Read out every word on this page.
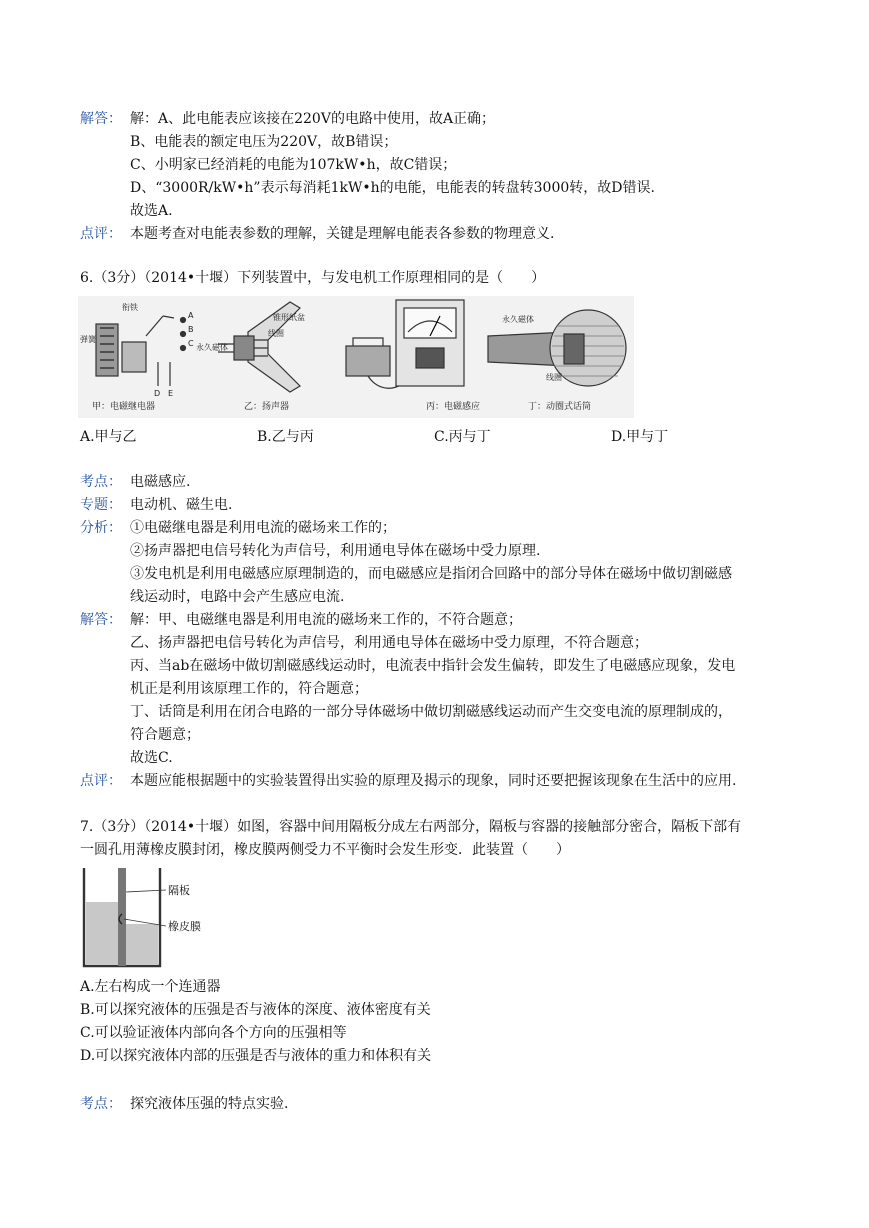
解答： 解：A、此电能表应该接在220V的电路中使用，故A正确；
B、电能表的额定电压为220V，故B错误；
C、小明家已经消耗的电能为107kW•h，故C错误；
D、“3000R/kW•h”表示每消耗1kW•h的电能，电能表的转盘转3000转，故D错误.
故选A.
点评： 本题考查对电能表参数的理解，关键是理解电能表各参数的物理意义.
6.（3分）（2014•十堰）下列装置中，与发电机工作原理相同的是（　　）
衔铁
弹簧
A
B
C
D E
甲：电磁继电器
锥形纸盆
永久磁体
线圈
乙：扬声器	丙：电磁感应
永久磁体
线圈
丁：动圈式话筒
A.甲与乙	B.乙与丙	C.丙与丁	D.甲与丁
考点： 电磁感应.
专题： 电动机、磁生电.
分析： ①电磁继电器是利用电流的磁场来工作的；
②扬声器把电信号转化为声信号，利用通电导体在磁场中受力原理.
③发电机是利用电磁感应原理制造的，而电磁感应是指闭合回路中的部分导体在磁场中做切割磁感
线运动时，电路中会产生感应电流.
解答： 解：甲、电磁继电器是利用电流的磁场来工作的，不符合题意；
乙、扬声器把电信号转化为声信号，利用通电导体在磁场中受力原理，不符合题意；
丙、当ab在磁场中做切割磁感线运动时，电流表中指针会发生偏转，即发生了电磁感应现象，发电
机正是利用该原理工作的，符合题意；
丁、话筒是利用在闭合电路的一部分导体磁场中做切割磁感线运动而产生交变电流的原理制成的，
符合题意；
故选C.
点评： 本题应能根据题中的实验装置得出实验的原理及揭示的现象，同时还要把握该现象在生活中的应用.
7.（3分）（2014•十堰）如图，容器中间用隔板分成左右两部分，隔板与容器的接触部分密合，隔板下部有
一圆孔用薄橡皮膜封闭，橡皮膜两侧受力不平衡时会发生形变．此装置（　　）
隔板
橡皮膜
A.左右构成一个连通器
B.可以探究液体的压强是否与液体的深度、液体密度有关
C.可以验证液体内部向各个方向的压强相等
D.可以探究液体内部的压强是否与液体的重力和体积有关
考点： 探究液体压强的特点实验.
